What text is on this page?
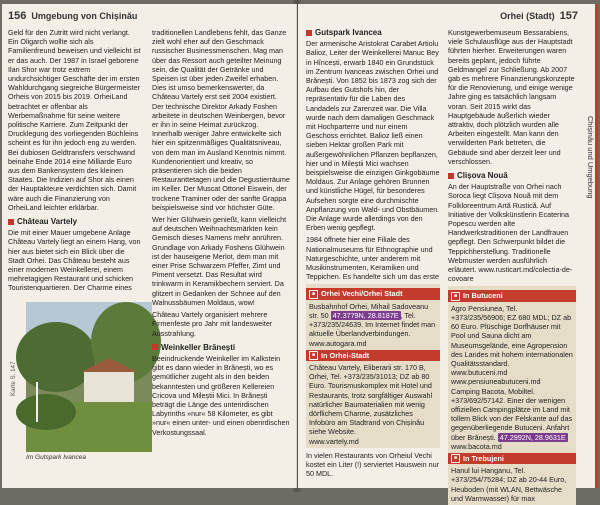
156 Umgebung von Chișinău

Geld für den Zutritt wird nicht verlangt. Ein Oligarch wollte sich als Familienfreund beweisen und vielleicht ist er das auch. Der 1987 in Israel geborene Ilan Shor war trotz extrem undurchsichtiger Geschäfte der im ersten Wahldurchgang siegreiche Bürgermeister Orheis von 2015 bis 2019. OrheiLand betrachtet er offenbar als Werbemaßnahme für seine weitere politische Karriere. Zum Zeitpunkt der Drucklegung des vorliegenden Büchleins scheint es für ihn jedoch eng zu werden. Bei dubiosen Geldtransfers verschwand beinahe Ende 2014 eine Milliarde Euro aus dem Bankensystem des kleinen Staates. Die Indizien auf Shor als einen der Hauptakteure verdichten sich. Damit wäre auch die Finanzierung von OrheiLand leichter erklärbar.

Château Vartely

Die mit einer Mauer umgebene Anlage Château Vartely liegt an einem Hang, von hier aus bietet sich ein Blick über die Stadt Orhei. Das Château besteht aus einer modernen Weinkellerei, einem mehretagigen Restaurant und schicken Touristenquartieren. Der Charme eines

Karte S. 147
Im Gutspark Ivancea

traditionellen Landlebens fehlt, das Ganze zielt wohl eher auf den Geschmack russischer Businessmenschen. Mag man über das Ressort auch geteilter Meinung sein, die Qualität der Getränke und Speisen ist über jeden Zweifel erhaben. Dies ist umso bemerkenswerter, da Château Vartely erst seit 2004 existiert. Der technische Direktor Arkady Foshen arbeitete in deutschen Weinbergen, bevor er ihn in seine Heimat zurückzog. Innerhalb weniger Jahre entwickelte sich hier ein spitzenmäßiges Qualitätsniveau, von dem man im Ausland Kenntnis nimmt. Kundenorientiert und kreativ, so präsentieren sich die beiden Restauranttetagen und die Degustierräume im Keller. Der Muscat Ottonel Eiswein, der trockene Traminer oder der sanfte Grappa beispielsweise sind vor höchster Güte.

Wer hier Glühwein genießt, kann vielleicht auf deutschen Weihnachtsmärkten kein Gemisch dieses Namens mehr anrühren. Grundlage von Arkady Foshens Glühwein ist der hauseigene Merlot, dem man mit einer Prise Schwarzem Pfeffer, Zimt und Piment versetzt. Das Resultat wird trinkwarm in Keramikbechern serviert. Da glitzert in Gedanken der Schnee auf den Walnussbäumen Moldaus, wow!

Château Vartely organisiert mehrere Firmenfeste pro Jahr mit landesweiter Ausstrahlung.

Weinkeller Brănești

Beeindruckende Weinkeller im Kalkstein gibt es dann wieder in Brănești, wo es gemütlicher zugeht als in den beiden bekanntesten und größeren Kellereien Cricova und Mileștii Mici. In Brănești beträgt die Länge des unterirdischen Labyrinths »nur« 58 Kilometer, es gibt »nur« einen unter- und einen oberirdischen Verkostungssaal.

Orhei (Stadt) 157
Gutspark Ivancea

Der armenische Aristokrat Carabet Artiolu Balioz, Leiter der Weinkellerei Manuc Bey in Hîncești, erwarb 1840 ein Grundstück im Zentrum Ivanceas zwischen Orhei und Brănești. Von 1852 bis 1873 zog sich der Aufbau des Gutshofs hin, der repräsentativ für die Laben des Landadels zur Zarenzeit war. Die Villa wurde nach dem damaligen Geschmack mit Hochparterre und nur einem Geschoss errichtet. Balioz ließ einen sieben Hektar großen Park mit außergewöhnlichen Pflanzen bepflanzen, hier und in Mileștii Mici wachsen beispielsweise die einzigen Ginkgobäume Moldaus. Zur Anlage gehören Brunnen und künstliche Hügel, für besonderes Aufsehen sorgte eine durchmischte Anpflanzung von Wald- und Obstbäumen. Die Anlage wurde allerdings von den Erben wenig gepflegt.

1984 öffnete hier eine Filiale des Nationalmuseums für Ethnographie und Naturgeschichte, unter anderem mit Musikinstrumenten, Keramiken und Teppichen. Es handelte sich um das erste

■ Orhei Vechi/Orhei Stadt
Busbahnhof Orhei, Mihail Sadoveanu str. 50 47.3779N, 28.8187E , Tel. +373/235/24639. Im Internet findet man aktuelle Überlandverbindungen.
www.autogara.md
■ In Orhei-Stadt
Château Vartely, Eliberarii str. 170 B, Orhei, Tel. +373/235/31013; DZ ab 80 Euro. Tourismuskomplex mit Hotel und Restaurants, trotz sorgfältiger Auswahl natürlicher Baumaterialien mit wenig dörflichem Charme, zusätzliches Infobüro am Stadtrand von Chișinău siehe Website.
www.vartely.md

In vielen Restaurants von Orheiul Vechi kostet ein Liter (!) serviertet Hauswein nur 50 MDL.

Kunstgewerbemuseum Bessarabiens, viele Schulausflüge aus der Hauptstadt führten hierher. Erweiterungen waren bereits geplant, jedoch führte Geldmangel zur Schließung. Ab 2007 gab es mehrere Finanzierungskonzepte für die Renovierung, und einige wenige Jahre ging es tatsächlich langsam voran. Seit 2015 wirkt das Hauptgebäude äußerlich wieder attraktiv, doch plötzlich wurden alle Arbeiten eingestellt. Man kann den verwilderten Park betreten, die Gebäude sind aber derzeit leer und verschlossen.

Clișova Nouă

An der Hauptstraße von Orhei nach Soroca liegt Clișova Nouă mit dem Folkloreentrum Artă Rustică. Auf Initiative der Volkskünstlerin Ecaterina Popescu werden alte Handwerkstraditionen der Landfrauen gepflegt. Den Schwerpunkt bildet die Teppichherstellung. Traditionelle Webmuster werden ausführlich erläutert. www.rusticart.md/colectia-de-covoare

■ In Butuceni
Agro Pensiunea, Tel. +373/235/56906; EZ 680 MDL; DZ ab 60 Euro. Plüschige Dorfhäuser mit Pool und Sauna dicht am Museumsgelände, eine Agropension des Landes mit hohem internationalen Qualitätsstandard.
www.butuceni.md
www.pensiuneabutuceni.md
Camping Bacota, Mobiltel. +373/692/57142. Einer der wenigen offiziellen Campingplätze im Land mit tollem Blick von der Felskante auf das gegenüberliegende Butuceni. Anfahrt über Brănești. 47.2992N, 28.9631E
www.bacota.md
■ In Trebujeni
Hanul lui Hanganu, Tel. +373/254/75284; DZ ab 20-44 Euro, Heuboden (mit WLAN, Bettwäsche und Warmwasser) für max
Chișinău und Umgebung
